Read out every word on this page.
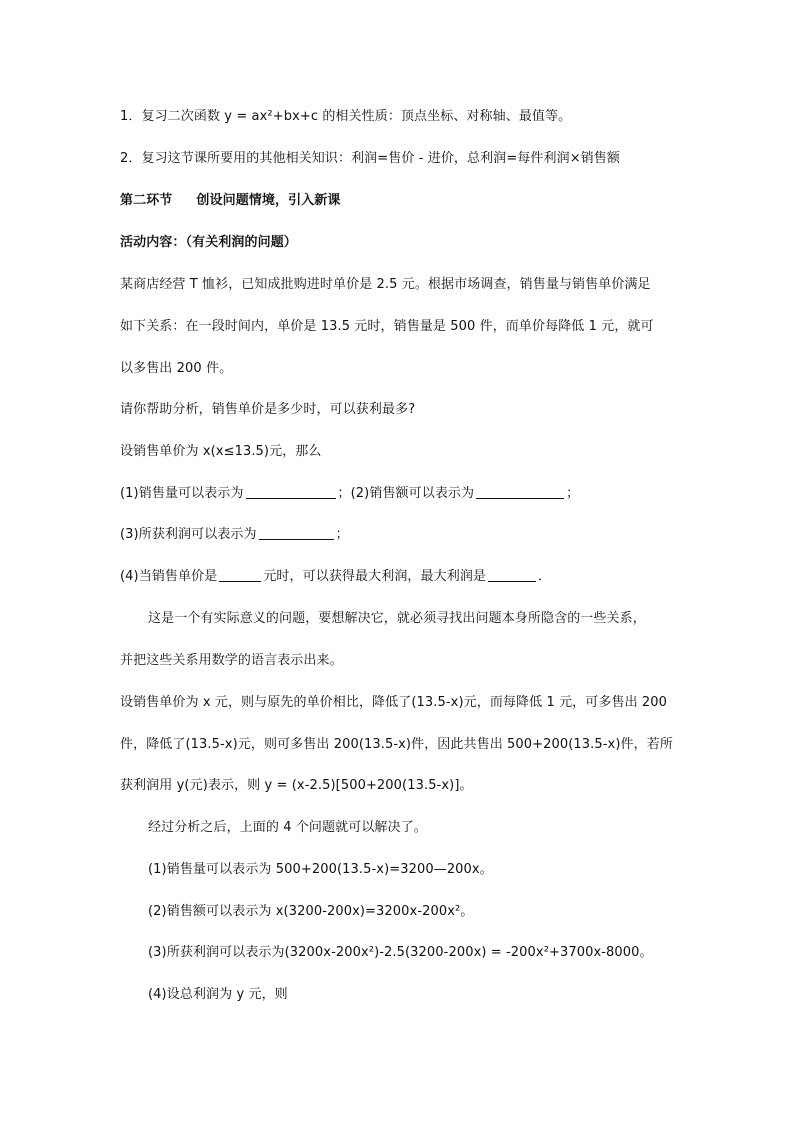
1．复习二次函数 y = ax²+bx+c 的相关性质：顶点坐标、对称轴、最值等。
2．复习这节课所要用的其他相关知识：利润=售价 - 进价，总利润=每件利润×销售额
第二环节 创设问题情境，引入新课
活动内容：（有关利润的问题）
某商店经营 T 恤衫，已知成批购进时单价是 2.5 元。根据市场调查，销售量与销售单价满足
如下关系：在一段时间内，单价是 13.5 元时，销售量是 500 件，而单价每降低 1 元，就可
以多售出 200 件。
请你帮助分析，销售单价是多少时，可以获利最多?
设销售单价为 x(x≤13.5)元，那么
(1)销售量可以表示为	；(2)销售额可以表示为	；
(3)所获利润可以表示为	；
(4)当销售单价是	元时，可以获得最大利润，最大利润是	．
这是一个有实际意义的问题，要想解决它，就必须寻找出问题本身所隐含的一些关系，
并把这些关系用数学的语言表示出来。
设销售单价为 x 元，则与原先的单价相比，降低了(13.5-x)元，而每降低 1 元，可多售出 200
件，降低了(13.5-x)元，则可多售出 200(13.5-x)件，因此共售出 500+200(13.5-x)件，若所
获利润用 y(元)表示，则 y = (x-2.5)[500+200(13.5-x)]。
经过分析之后，上面的 4 个问题就可以解决了。
(1)销售量可以表示为 500+200(13.5-x)=3200—200x。
(2)销售额可以表示为 x(3200-200x)=3200x-200x²。
(3)所获利润可以表示为(3200x-200x²)-2.5(3200-200x) = -200x²+3700x-8000。
(4)设总利润为 y 元，则
